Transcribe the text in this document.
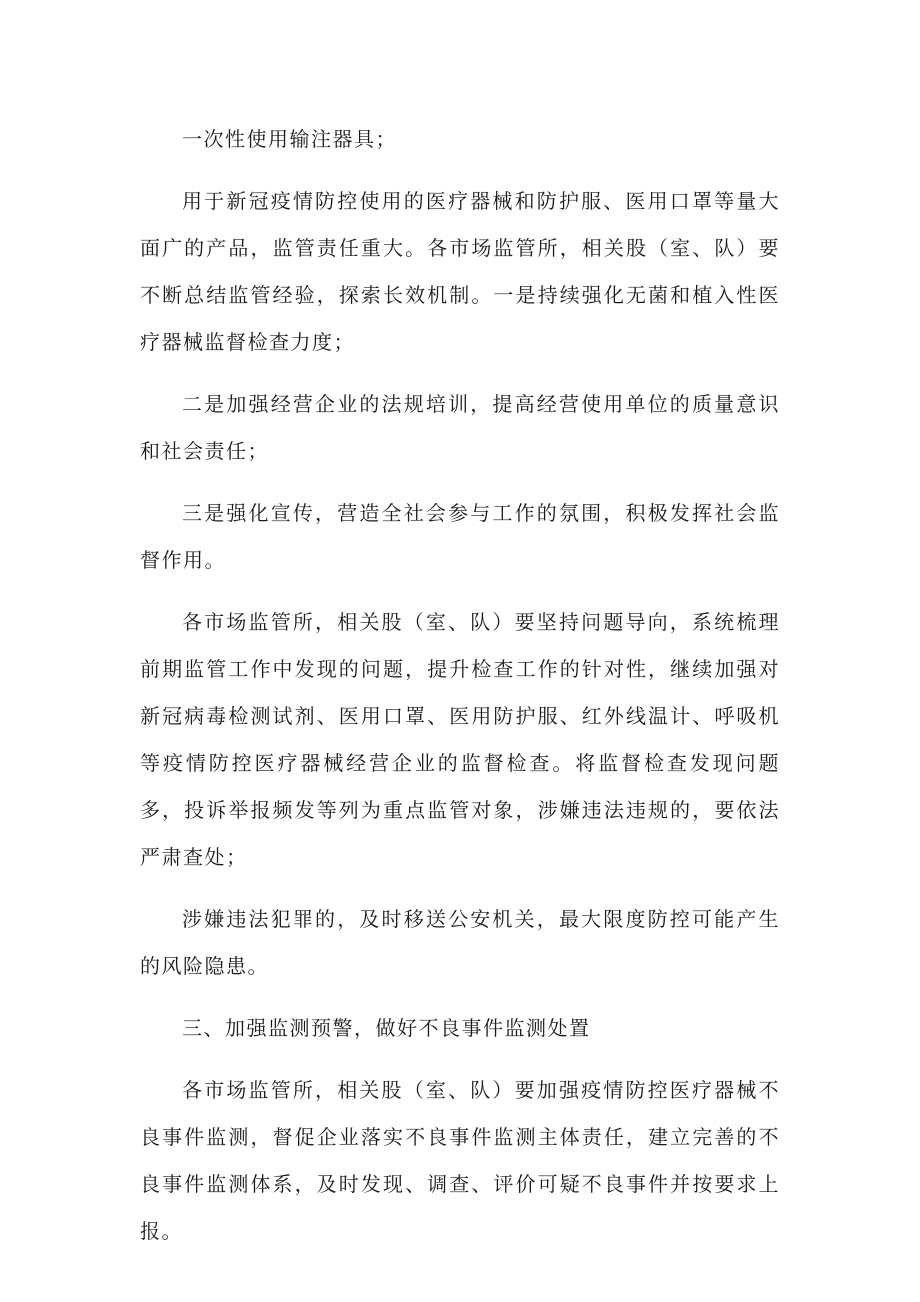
一次性使用输注器具；

用于新冠疫情防控使用的医疗器械和防护服、医用口罩等量大面广的产品，监管责任重大。各市场监管所，相关股（室、队）要不断总结监管经验，探索长效机制。一是持续强化无菌和植入性医疗器械监督检查力度；

二是加强经营企业的法规培训，提高经营使用单位的质量意识和社会责任；

三是强化宣传，营造全社会参与工作的氛围，积极发挥社会监督作用。

各市场监管所，相关股（室、队）要坚持问题导向，系统梳理前期监管工作中发现的问题，提升检查工作的针对性，继续加强对新冠病毒检测试剂、医用口罩、医用防护服、红外线温计、呼吸机等疫情防控医疗器械经营企业的监督检查。将监督检查发现问题多，投诉举报频发等列为重点监管对象，涉嫌违法违规的，要依法严肃查处；

涉嫌违法犯罪的，及时移送公安机关，最大限度防控可能产生的风险隐患。

三、加强监测预警，做好不良事件监测处置

各市场监管所，相关股（室、队）要加强疫情防控医疗器械不良事件监测，督促企业落实不良事件监测主体责任，建立完善的不良事件监测体系，及时发现、调查、评价可疑不良事件并按要求上报。
